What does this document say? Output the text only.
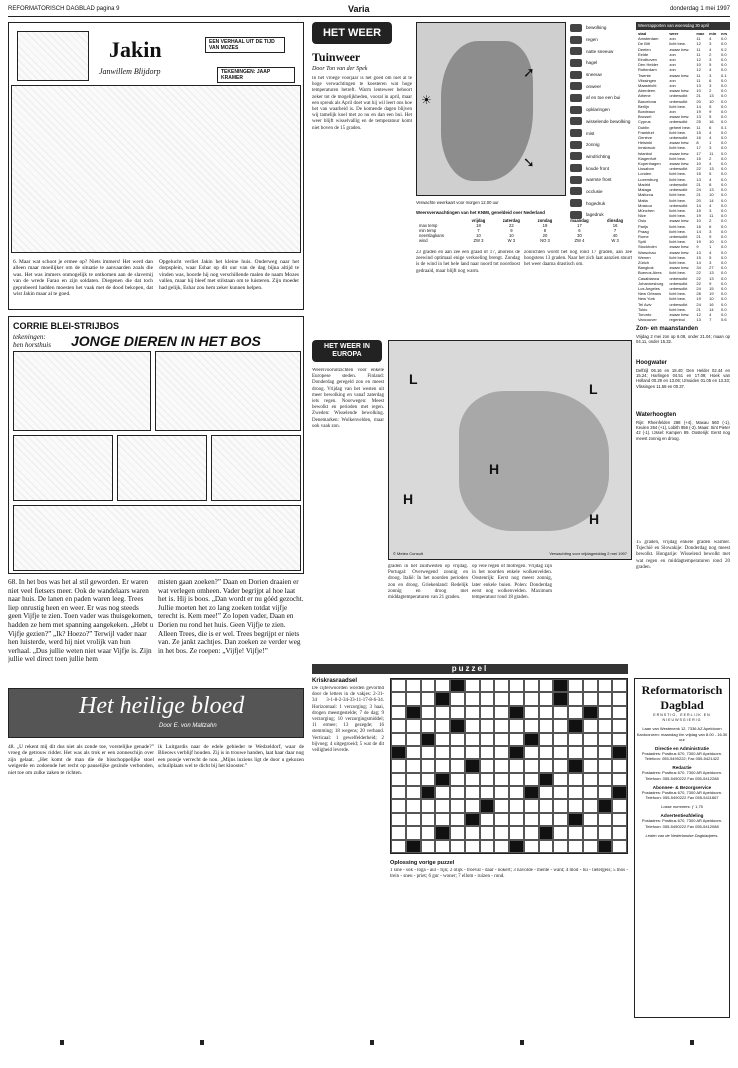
REFORMATORISCH DAGBLAD pagina 9	Varia	donderdag 1 mei 1997
Jakin
Janwillem Blijdorp
EEN VERHAAL UIT DE TIJD VAN MOZES
TEKENINGEN: JAAP KRAMER
6. Maar wat schoot je ermee op? Niets immers! Het werd dan alleen maar moeilijker om de situatie te aanvaarden zoals die was. Het was immers onmogelijk te ontkomen aan de slavernij van de wrede Farao en zijn soldaten. Diegenen die dat toch geprobeerd hadden moesten het vaak met de dood bekopen, dat wist Jakin maar al te goed.
Opgelucht verliet Jakin het kleine huis. Onderweg naar het dorpsplein, waar Eshar op dit uur van de dag bijna altijd te vinden was, hoorde hij nog verschillende malen de naam Mozes vallen, maar hij bleef met stilstaan om te luisteren. Zijn moeder had gelijk, Eshar zou hem zeker kunnen helpen.
CORRIE BLEI-STRIJBOS
tekeningen: ben horsthuis JONGE DIEREN IN HET BOS
68. In het bos was het al stil geworden. Er waren niet veel fietsers meer. Ook de wandelaars waren naar huis. De lanen en paden waren leeg. Trees liep onrustig heen en weer. Er was nog steeds geen Vijfje te zien. Toen vader was thuisgekomen, hadden ze hem met spanning aangekeken. „Hebt u Vijfje gezien?” „Ik? Hoezo?” Terwijl vader naar hen luisterde, werd hij niet vrolijk van hun verhaal. „Dus jullie weten niet waar Vijfje is. Zijn jullie wel direct toen jullie hem
misten gaan zoeken?” Daan en Dorien draaien er wat verlegen omheen. Vader begrijpt al hoe laat het is. Hij is boos. „Dan wordt er nu góéd gezocht. Jullie moeten het zo lang zoeken totdat vijfje terecht is. Kem mee!” Zo lopen vader, Daan en Dorien nu rond het huis. Geen Vijfje te zien. Alleen Trees, die is er wel. Trees begrijpt er niets van. Ze jankt zachtjes. Dan zoeken ze verder weg in het bos. Ze roepen: „Vijfje! Vijfje!”
Het heilige bloed
Door E. von Maltzahn
48. „U rekent mij dit dus niet als zonde toe, vorstelijke genade?” vroeg de getrouw ridder. Het was als trok er een zonneschijn over zijn gelaat. „Het komt de man die de bisschoppelijke stoel weigerde en zodoende het recht op pauselijke gezinde verbonden, niet toe om zulke zaken te richten.
ik Luitgardis naar de edele gebieder te Wedzeldorf, waar de Blieows verblijf houden. Zij is in trouwe handen, laat haar daar nog een poosje verrecht de non. „Mijns inziens ligt de door u gekozen schuilplaats wel te dicht bij het klooster.”
HET WEER
Tuinweer
Door Ton van der Spek
In het vroege voorjaar is het goed om niet al te hoge verwachtingen te koesteren wat hoge temperaturen betreft. Warm lenteweer behoort zeker tot de mogelijkheden, vooral in april, maar een spreuk als April doet wat hij wil leert ons hoe het van waarheid is. De komende dagen blijven wij tamelijk koel met zo nu en dan een bui. Het weer blijft wisselvallig en de temperatuur komt niet boven de 15 graden.
➚
➘
☀
Verwachte weerkaart voor morgen 12.00 uur
bewolking
regen
natte sneeuw
hagel
sneeuw
onweer
af en toe een bui
opklaringen
wisselende bewolking
mist
zonnig
windrichting
koude front
warmte front
occlusie
hogedruk
lagedruk
Weersverwachtingen van het KNMI, geneldeid over Nederland
	vrijdag	zaterdag	zondag	maandag	dinsdag
max temp	18	22	19	17	16
min temp	7	9	8	6	7
neerslagkans	10	10	20	30	40
wind	ZW 3	W 3	NO 3	ZW 4	W 3
23 graden en aan zee een graad of 17, ahorens de zeewind optimaal enige verkoeling brengt. Zondag is de wind in het hele land naar noord tot noordoost gedraaid, maar blijft nog warm.
zonlichten wordt het nog rond 17 graden, aan zee hoogstens 13 graden. Naar het zich laat aanzien stuurt het weer daarna drastisch om.
Weerrapporten van woensdag 30 april
stad	weer	max	min	nrs
Amsterdam	zon	11	4	0.0
De Bilt	licht bew.	12	3	0.0
Deelen	zwaar bew.	11	4	0.2
Eelde	zon	11	2	0.0
Eindhoven	zon	12	3	0.0
Den Helder	zon	10	5	0.0
Rotterdam	zon	12	4	0.0
Twente	zwaar bew.	11	3	0.1
Vlissingen	zon	11	6	0.0
Maastricht	zon	13	3	0.0
Aberdeen	zwaar bew.	10	2	0.0
Athene	onbewolkt	21	13	0.0
Barcelona	onbewolkt	20	10	0.0
Berlijn	licht bew.	14	5	0.0
Bordeaux	zon	19	9	0.0
Brussel	zwaar bew.	13	5	0.0
Cyprus	onbewolkt	25	16	0.0
Dublin	geheel bew.	11	6	0.1
Frankfurt	licht bew.	15	4	0.0
Genève	onbewolkt	16	4	0.0
Helsinki	zwaar bew.	8	1	0.0
Innsbruck	licht bew.	17	3	0.0
Istanbul	zwaar bew.	17	11	0.0
Klagenfurt	licht bew.	15	2	0.0
Kopenhagen	zwaar bew.	10	4	0.0
Lissabon	onbewolkt	22	13	0.0
Londen	licht bew.	15	5	0.0
Luxemburg	licht bew.	13	4	0.0
Madrid	onbewolkt	21	8	0.0
Malaga	onbewolkt	24	13	0.0
Mallorca	licht bew.	21	10	0.0
Malta	licht bew.	20	14	0.0
Moskou	onbewolkt	14	4	0.0
München	licht bew.	15	3	0.0
Nice	licht bew.	19	11	0.0
Oslo	zwaar bew.	10	2	0.0
Parijs	licht bew.	16	6	0.0
Praag	licht bew.	14	3	0.0
Rome	onbewolkt	21	9	0.0
Split	licht bew.	19	10	0.0
Stockholm	zwaar bew.	9	1	0.0
Warschau	zwaar bew.	13	4	0.0
Wenen	licht bew.	15	5	0.0
Zürich	licht bew.	14	3	0.0
Bangkok	zwaar bew.	34	27	0.0
Buenos Aires	licht bew.	22	13	0.0
Casablanca	onbewolkt	22	13	0.0
Johannesburg	onbewolkt	22	9	0.0
Los Angeles	onbewolkt	24	15	0.0
New Orleans	licht bew.	28	19	0.0
New York	licht bew.	19	10	0.0
Tel Aviv	onbewolkt	24	16	0.0
Tokio	licht bew.	21	14	0.0
Toronto	zwaar bew.	12	4	0.0
Vancouver	regenbui	13	7	0.6
Zon- en maanstanden
Vrijdag 2 mei zon op 6.08, onder 21.04; maan op 04.11, onder 15.32.
Hoogwater
Delfzijl 06.16 en 18.40; Den Helder 02.44 en 15.24; Harlingen 04.51 en 17.09; Hoek van Holland 00.29 en 13.06; IJmuiden 01.05 en 13.33; Vlissingen 11.58 en 00.37.
Waterhoogten
Rijn: Rheinfelden 288 (+4), Maxau 560 (-1), Keulen 264 (+1), Lobith 956 (-2). Maas: Sint Pieter 42 (-1). IJssel: Kampen 89. Oosterijk: Eerst nog meest zonnig en droog.
HET WEER IN EUROPA
Weersvooruitzichten voor enkele Europese steden. Finland: Donderdag geregeld zon en meest droog. Vrijdag van het westen uit meer bewolking en vanaf zaterdag iets regen. Noorwegen: Meest bewolkt en perioden met regen. Zweden: Wisselende bewolking. Denemarken: Wolkenvelden, maar ook vaak zon.
L
L
H
H
H
© Meteo Consult	Verwachting voor vrijdagmiddag 2 mei 1997
graden in het zuidwesten op vrijdag. Portugal: Overwegend zonnig en droog. Italië: In het noorden perioden zon en droog. Griekenland: Redelijk zonnig en droog met middagtemperaturen van 21 graden.
op vele regen of motregen. Vrijdag zijn in het noorden enkele wolkenvelden. Oostenrijk: Eerst nog meest zonnig, later enkele buien. Polen: Donderdag eerst nog wolkenvelden. Maximum temperatuur rond 18 graden.
15 graden, vrijdag enkele graden warmer. Tsjechië en Slowakije: Donderdag nog meest bewolkt. Hongarije: Wisselend bewolkt met wat regen en middagtemperaturen rond 20 graden.
puzzel
Kriskrasraadsel
De cijferwoorden worden gevormd door de letters in de vakjes: 2-31-34 3-1-8-2-34-33-11-17-8-6-34. Horizontaal: 1 verzorging; 3 haai, drogen meestgestelde; 7 de dag; 9 verzorging; 10 verzorgingsmiddel; 11 ermee; 13 gezegde; 16 stemming; 18 wegens; 20 verband. Verticaal: 1 gewelfelderheid; 2 bijvoeg; 4 uitgegroeid; 5 wat de dit veiligheid leverde.
Oplossing vorige puzzel
1 sine - sok - toga - aul - fijn; 2 olijk - troeval - daar - nokert; 3 navolde - mente - want; 4 mod - lui - lietergeis; 5 mos - trein - sneu - priet; 6 gur - woner; 7 ellom - ruizen - rund.
Reformatorisch Dagblad
ERNSTIG, EERLIJK EN NIEUWSGIERIG
Laan van Westenenk 12, 7336 AZ Apeldoorn
Kantooruren: maandag t/m vrijdag van 8.00 - 16.30 uur
Directie en Administratie
Postadres: Postbus 670, 7300 AR Apeldoorn. Telefoon: 055-5490222; Fax 055-5421422
Redactie
Postadres: Postbus 670, 7300 AR Apeldoorn. Telefoon: 055-5490222 Fax 055-5412288
Abonnee- & Bezorgservice
Postadres: Postbus 670, 7300 AR Apeldoorn. Telefoon: 055-5490222 Fax 055-5411667
Losse nummers: ƒ 1,75
Advertentieafdeling
Postadres: Postbus 670, 7300 AR Apeldoorn. Telefoon: 055-5490222 Fax 055-5412088
Leden van de Nederlandse Dagbladpers.
